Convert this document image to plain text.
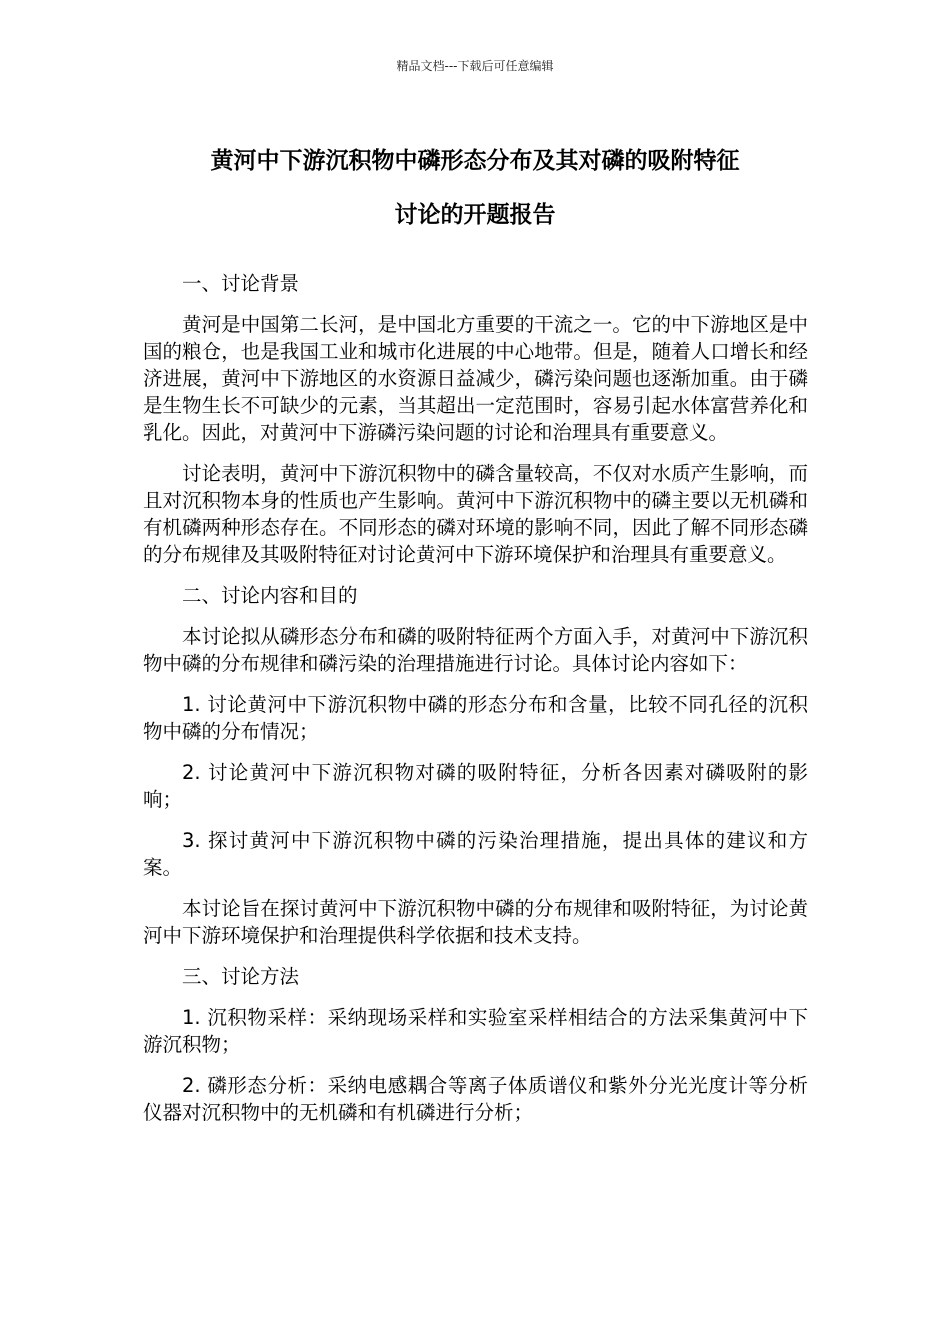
精品文档---下载后可任意编辑
黄河中下游沉积物中磷形态分布及其对磷的吸附特征
讨论的开题报告

一、讨论背景

黄河是中国第二长河，是中国北方重要的干流之一。它的中下游地区是中国的粮仓，也是我国工业和城市化进展的中心地带。但是，随着人口增长和经济进展，黄河中下游地区的水资源日益减少，磷污染问题也逐渐加重。由于磷是生物生长不可缺少的元素，当其超出一定范围时，容易引起水体富营养化和乳化。因此，对黄河中下游磷污染问题的讨论和治理具有重要意义。

讨论表明，黄河中下游沉积物中的磷含量较高，不仅对水质产生影响，而且对沉积物本身的性质也产生影响。黄河中下游沉积物中的磷主要以无机磷和有机磷两种形态存在。不同形态的磷对环境的影响不同，因此了解不同形态磷的分布规律及其吸附特征对讨论黄河中下游环境保护和治理具有重要意义。

二、讨论内容和目的

本讨论拟从磷形态分布和磷的吸附特征两个方面入手，对黄河中下游沉积物中磷的分布规律和磷污染的治理措施进行讨论。具体讨论内容如下：

1. 讨论黄河中下游沉积物中磷的形态分布和含量，比较不同孔径的沉积物中磷的分布情况；

2. 讨论黄河中下游沉积物对磷的吸附特征，分析各因素对磷吸附的影响；

3. 探讨黄河中下游沉积物中磷的污染治理措施，提出具体的建议和方案。

本讨论旨在探讨黄河中下游沉积物中磷的分布规律和吸附特征，为讨论黄河中下游环境保护和治理提供科学依据和技术支持。

三、讨论方法

1. 沉积物采样：采纳现场采样和实验室采样相结合的方法采集黄河中下游沉积物；

2. 磷形态分析：采纳电感耦合等离子体质谱仪和紫外分光光度计等分析仪器对沉积物中的无机磷和有机磷进行分析；
